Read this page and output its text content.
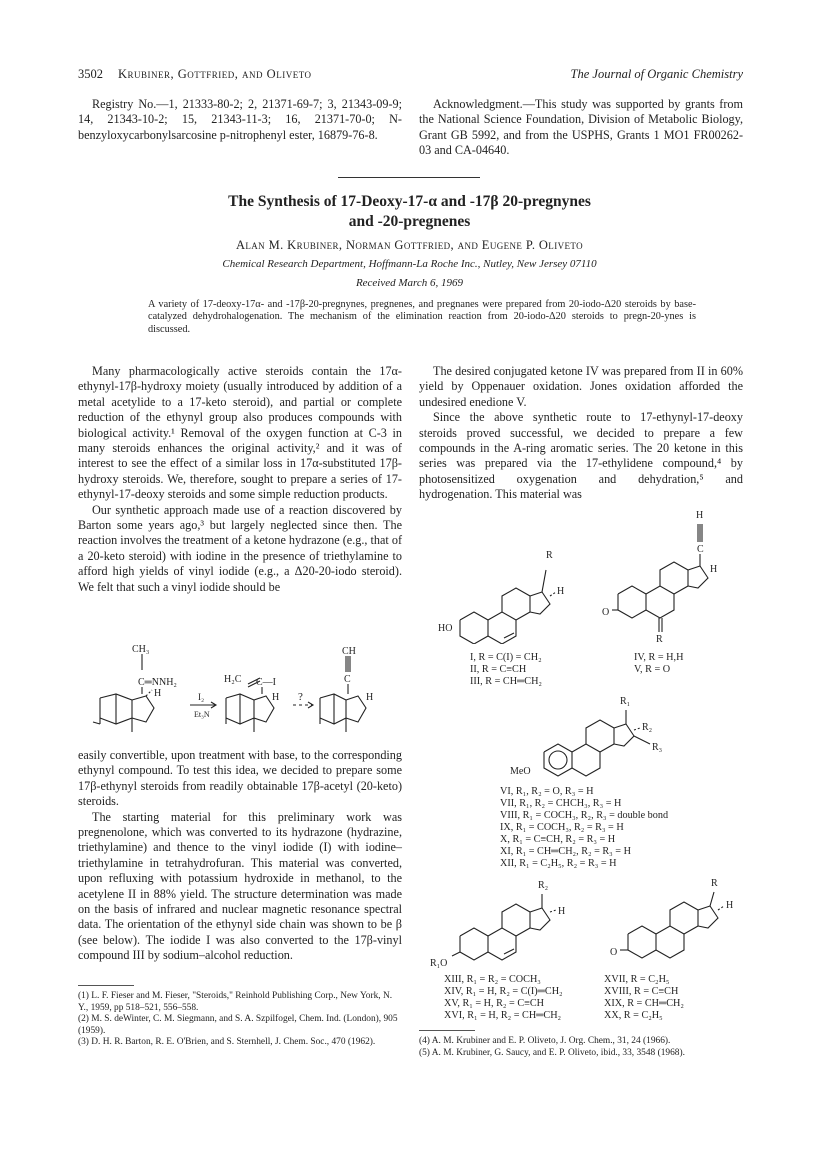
3502 Krubiner, Gottfried, and Oliveto	The Journal of Organic Chemistry

Registry No.—1, 21333-80-2; 2, 21371-69-7; 3, 21343-09-9; 14, 21343-10-2; 15, 21343-11-3; 16, 21371-70-0; N-benzyloxycarbonylsarcosine p-nitrophenyl ester, 16879-76-8.

Acknowledgment.—This study was supported by grants from the National Science Foundation, Division of Metabolic Biology, Grant GB 5992, and from the USPHS, Grants 1 MO1 FR00262-03 and CA-04640.

The Synthesis of 17-Deoxy-17-α and -17β 20-pregnynes
and -20-pregnenes
Alan M. Krubiner, Norman Gottfried, and Eugene P. Oliveto
Chemical Research Department, Hoffmann-La Roche Inc., Nutley, New Jersey 07110
Received March 6, 1969
A variety of 17-deoxy-17α- and -17β-20-pregnynes, pregnenes, and pregnanes were prepared from 20-iodo-Δ20 steroids by base-catalyzed dehydrohalogenation. The mechanism of the elimination reaction from 20-iodo-Δ20 steroids to pregn-20-ynes is discussed.

Many pharmacologically active steroids contain the 17α-ethynyl-17β-hydroxy moiety (usually introduced by addition of a metal acetylide to a 17-keto steroid), and partial or complete reduction of the ethynyl group also produces compounds with biological activity.¹ Removal of the oxygen function at C-3 in many steroids enhances the original activity,² and it was of interest to see the effect of a similar loss in 17α-substituted 17β-hydroxy steroids. We, therefore, sought to prepare a series of 17-ethynyl-17-deoxy steroids and some simple reduction products.

Our synthetic approach made use of a reaction discovered by Barton some years ago,³ but largely neglected since then. The reaction involves the treatment of a ketone hydrazone (e.g., that of a 20-keto steroid) with iodine in the presence of triethylamine to afford high yields of vinyl iodide (e.g., a Δ20-20-iodo steroid). We felt that such a vinyl iodide should be

CH₃
C═NNH₂
H
H₂C C—I
H
I₂
Et₃N
?
CH
C
H

easily convertible, upon treatment with base, to the corresponding ethynyl compound. To test this idea, we decided to prepare some 17β-ethynyl steroids from readily obtainable 17β-acetyl (20-keto) steroids.

The starting material for this preliminary work was pregnenolone, which was converted to its hydrazone (hydrazine, triethylamine) and thence to the vinyl iodide (I) with iodine–triethylamine in tetrahydrofuran. This material was converted, upon refluxing with potassium hydroxide in methanol, to the acetylene II in 88% yield. The structure determination was made on the basis of infrared and nuclear magnetic resonance spectral data. The orientation of the ethynyl side chain was shown to be β (see below). The iodide I was also converted to the 17β-vinyl compound III by sodium–alcohol reduction.

(1) L. F. Fieser and M. Fieser, "Steroids," Reinhold Publishing Corp., New York, N. Y., 1959, pp 518–521, 556–558.
(2) M. S. deWinter, C. M. Siegmann, and S. A. Szpilfogel, Chem. Ind. (London), 905 (1959).
(3) D. H. R. Barton, R. E. O'Brien, and S. Sternhell, J. Chem. Soc., 470 (1962).

The desired conjugated ketone IV was prepared from II in 60% yield by Oppenauer oxidation. Jones oxidation afforded the undesired enedione V.

Since the above synthetic route to 17-ethynyl-17-deoxy steroids proved successful, we decided to prepare a few compounds in the A-ring aromatic series. The 20 ketone in this series was prepared via the 17-ethylidene compound,⁴ by photosensitized oxygenation and dehydration,⁵ and hydrogenation. This material was

R
H
HO
H
C
H
O
R
I, R = C(I) = CH₂
II, R = C≡CH
III, R = CH═CH₂
IV, R = H,H
V, R = O
R₁
R₂
R₃
MeO
VI, R₁, R₂ = O, R₃ = H
VII, R₁, R₂ = CHCH₃, R₃ = H
VIII, R₁ = COCH₃, R₂, R₃ = double bond
IX, R₁ = COCH₃, R₂ = R₃ = H
X, R₁ = C≡CH, R₂ = R₃ = H
XI, R₁ = CH═CH₂, R₂ = R₃ = H
XII, R₁ = C₂H₅, R₂ = R₃ = H
R₂
H
R₁O
R
H
O
XIII, R₁ = R₂ = COCH₃
XIV, R₁ = H, R₂ = C(I)═CH₂
XV, R₁ = H, R₂ = C≡CH
XVI, R₁ = H, R₂ = CH═CH₂
XVII, R = C₂H₅
XVIII, R = C≡CH
XIX, R = CH═CH₂
XX, R = C₂H₅
(4) A. M. Krubiner and E. P. Oliveto, J. Org. Chem., 31, 24 (1966).
(5) A. M. Krubiner, G. Saucy, and E. P. Oliveto, ibid., 33, 3548 (1968).
